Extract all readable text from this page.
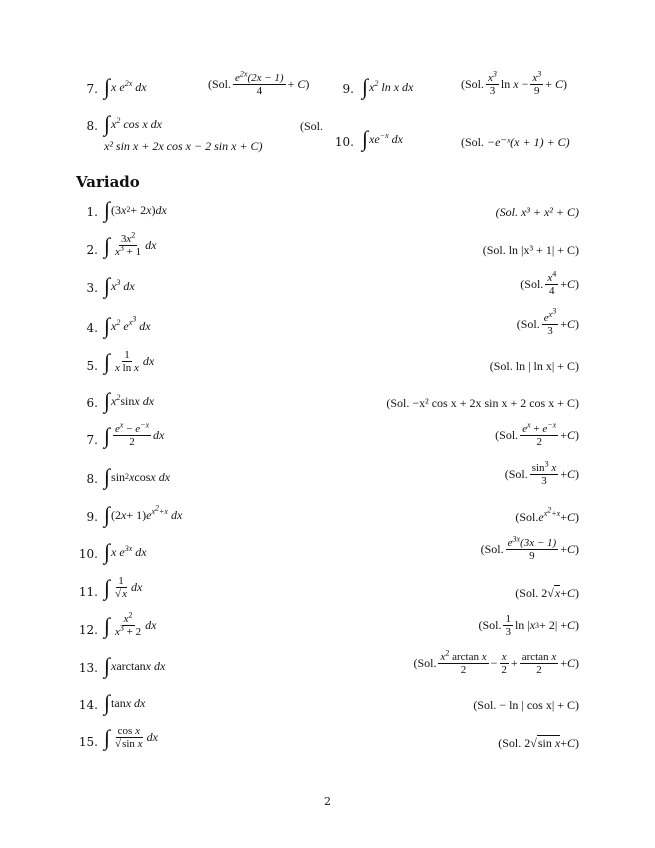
7. ∫ x $e^{2x}$ dx	(Sol. $\frac{e^{2x}(2x - 1)}{4} + C$)	9. ∫ $x^2$ ln x dx	(Sol. $\frac{x^3}{3}$ $\ln x - \frac{x^3}{9} + C$)
8. ∫ $x^2$ cos x dx	(Sol.
x² sin x + 2x cos x − 2 sin x + C)	10. ∫ $xe^{-x}$ dx	(Sol.
−e⁻ˣ(x + 1) + C)
Variado
1. ∫ (3 x 2 + 2 x ) dx	(Sol. x³ + x² + C)
2. ∫ $\frac{3x^2}{x^3 + 1}$ dx	(Sol. ln |x³ + 1| + C)
3. ∫ $x^3$ dx	(Sol. $\frac{x^4}{4} + C$ )
4. ∫ $x^2$ $e^{x^3}$ dx	(Sol. $\frac{e^{x^3}}{3} + C$ )
5. ∫ $\frac{1}{\text{x ln x}}$ dx	(Sol. ln | ln x| + C)
6. ∫ $x^2$ sin x dx	(Sol. −x² cos x + 2x sin x + 2 cos x + C)
7. ∫ $\frac{e^x - e^{-x}}{2}$ dx	(Sol. $\frac{e^x + e^{-x}}{2} + C$ )
8. ∫ sin 2 x cos x dx	(Sol. $\frac{\sin^3 x}{3} + C$ )
9. ∫ (2 x + 1) $e^{x^2+x}$ dx	(Sol. $e^{x^2+x} + C$ )
10. ∫ x $e^{3x}$ dx	(Sol. $\frac{e^{3x}(3x - 1)}{9} + C$ )
11. ∫ $\frac{1}{√x}$ dx	(Sol. 2√ x + C )
12. ∫ $\frac{x^2}{x^3 + 2}$ dx	(Sol. $\frac{1}{3}$ ln | x 3 + 2| + C )
13. ∫ x arctan x dx	(Sol. $\frac{x^2 \arctan x}{2} - \frac{x}{2} + \frac{\text{arctan x}}{2} + C$ )
14. ∫ tan x dx	(Sol. − ln | cos x| + C)
15. ∫ $\frac{\text{cos x}}{\text{√sin x}}$ dx	(Sol. 2√ sin x + C )
2
